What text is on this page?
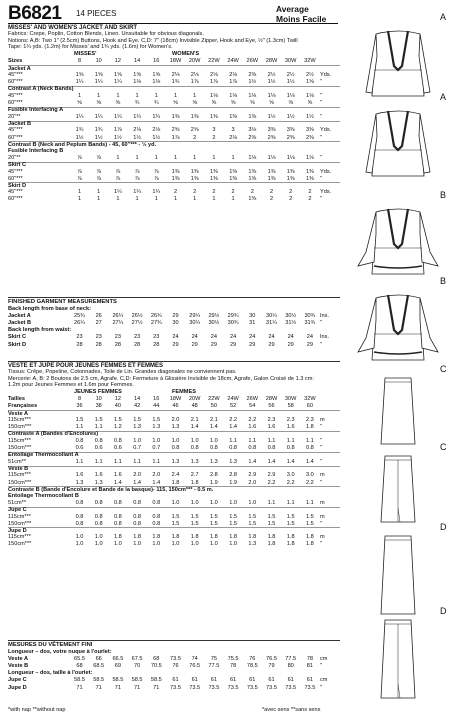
B6821 14 PIECES	Average
Moins Facile

MISSES' AND WOMEN'S JACKET AND SKIRT

Fabrics: Crepe, Poplin, Cotton Blends, Linen. Unsuitable for obvious diagonals.

Notions: A,B: Two 1" (2.5cm) Buttons, Hook and Eye. C,D: 7" (18cm) Invisible Zipper, Hook and Eye, ½" (1.3cm) Twill

Tape: 1¼ yds. (1.2m) for Misses' and 1¾ yds. (1.6m) for Women's.

MISSES'	WOMEN'S
Sizes	8	10	12	14	16	18W	20W	22W	24W	26W	28W	30W	32W
Jacket A
45"***	1⅝	1⅝	1⅝	1⅝	1⅝	2⅛	2⅛	2⅛	2⅛	2⅜	2½	2½	2½	Yds.
60"***	1¼	1¼	1¼	1⅛	1⅛	1¾	1⅞	1⅞	1⅞	1½	1½	1½	1⅝	"
Contrast A (Neck Bands)
45"***	1	1	1	1	1	1	1	1⅛	1⅛	1⅛	1⅛	1⅛	1⅛	"
60"***	⅝	⅝	⅝	¾	¾	⅝	⅝	⅝	⅝	⅝	⅝	⅝	⅝	"
Fusible Interfacing A
20"**	1¼	1¼	1¼	1¼	1¼	1⅜	1⅜	1⅜	1⅜	1⅜	1½	1½	1½	"
Jacket B
45"***	1¾	1¾	1⅞	2⅛	2⅛	2⅝	2⅝	3	3	3⅛	3⅜	3⅜	3⅜	Yds.
60"***	1½	1½	1½	1½	1½	1⅞	2	2	2⅛	2⅜	2⅜	2⅜	2⅜	"
Contrast B (Neck and Peplum Bands) - 45, 60"*** - ½ yd.
Fusible Interfacing B
20"**	⅞	⅞	1	1	1	1	1	1	1	1⅛	1⅛	1⅛	1⅛	"
Skirt C
45"***	⅞	⅞	⅞	⅞	⅞	1⅜	1⅜	1⅜	1⅜	1⅜	1⅜	1⅜	1⅜	Yds.
60"***	⅞	⅞	⅞	⅞	⅞	1⅜	1⅜	1⅜	1⅜	1⅜	1⅜	1⅜	1⅜	"
Skirt D
45"***	1	1	1¼	1¼	1¼	2	2	2	2	2	2	2	2	Yds.
60"***	1	1	1	1	1	1	1	1	1	1⅜	2	2	2	"
FINISHED GARMENT MEASUREMENTS
Back length from base of neck:
Jacket A	25¾	26	26¼	26½	26¾	29	29¼	29½	29¾	30	30¼	30½	30¾ Ins.
Jacket B	26¼	27	27¼	27½	27¾	30	30¼	30½	30¾	31	31¼	31½	31¾ "
Back length from waist:
Skirt C	23	23	23	23	23	24	24	24	24	24	24	24	24	Ins.
Skirt D	28	28	28	28	28	29	29	29	29	29	29	29	29	"

VESTE ET JUPE POUR JEUNES FEMMES ET FEMMES

Tissus: Crêpe, Popeline, Cotonnades, Toile de Lin. Grandes diagonales ne conviennent pas.

Mercerie: A, B: 2 Boutons de 2.5 cm, Agrafe. C,D: Fermeture à Glissière Invisible de 18cm, Agrafe, Galon Croisé de 1.3 cm:

1.2m pour Jeunes Femmes et 1.6m pour Femmes.

JEUNES FEMMES	FEMMES
Tailles	8	10	12	14	16	18W	20W	22W	24W	26W	28W	30W	32W
Françaises	36	38	40	42	44	46	48	50	52	54	56	58	60
Veste A
115cm***	1.5	1.5	1.5	1.5	1.5	2.0	2.1	2.1	2.2	2.2	2.3	2.3	2.3	m
150cm***	1.1	1.1	1.2	1.3	1.3	1.3	1.4	1.4	1.4	1.6	1.6	1.6	1.8	"
Contraste A (Bandes d'Encolures)
115cm***	0.8	0.8	0.8	1.0	1.0	1.0	1.0	1.0	1.1	1.1	1.1	1.1	1.1	"
150cm***	0.6	0.6	0.6	0.7	0.7	0.8	0.8	0.8	0.8	0.8	0.8	0.8	0.8	"
Entoilage Thermocollant A
51cm**	1.1	1.1	1.1	1.1	1.1	1.3	1.3	1.3	1.3	1.4	1.4	1.4	1.4	"
Veste B
115cm***	1.6	1.6	1.6	2.0	2.0	2.4	2.7	2.8	2.8	2.9	2.9	3.0	3.0	m
150cm***	1.3	1.3	1.4	1.4	1.4	1.8	1.8	1.9	1.9	2.0	2.2	2.2	2.2	"
Contraste B (Bande d'Encolure et Bande de la basque)- 115, 150cm*** - 0.5 m.
Entoilage Thermocollant B
51cm**	0.8	0.8	0.8	0.8	0.8	1.0	1.0	1.0	1.0	1.0	1.1	1.1	1.1	m
Jupe C
115cm***	0.8	0.8	0.8	0.8	0.8	1.5	1.5	1.5	1.5	1.5	1.5	1.5	1.5	m
150cm***	0.8	0.8	0.8	0.8	0.8	1.5	1.5	1.5	1.5	1.5	1.5	1.5	1.5	"
Jupe D
115cm***	1.0	1.0	1.8	1.8	1.8	1.8	1.8	1.8	1.8	1.8	1.8	1.8	1.8	m
150cm***	1.0	1.0	1.0	1.0	1.0	1.0	1.0	1.0	1.0	1.3	1.8	1.8	1.8	"
MESURES DU VÊTEMENT FINI
Longueur – dos, votre nuque à l'ourlet:
Veste A	65.5	66	66.5	67.5	68	73.5	74	75	75.5	76	76.5	77.5	78	cm
Veste B	68	68.5	69	70	70.5	76	76.5	77.5	78	78.5	79	80	81	"
Longueur – dos, taille à l'ourlet:
Jupe C	58.5	58.5	58.5	58.5	58.5	61	61	61	61	61	61	61	61	cm
Jupe D	71	71	71	71	71	73.5	73.5	73.5	73.5	73.5	73.5	73.5	73.5 "
*with nap **without nap	*avec sens **sans sens
A
A
B
B
C
C
D
D
